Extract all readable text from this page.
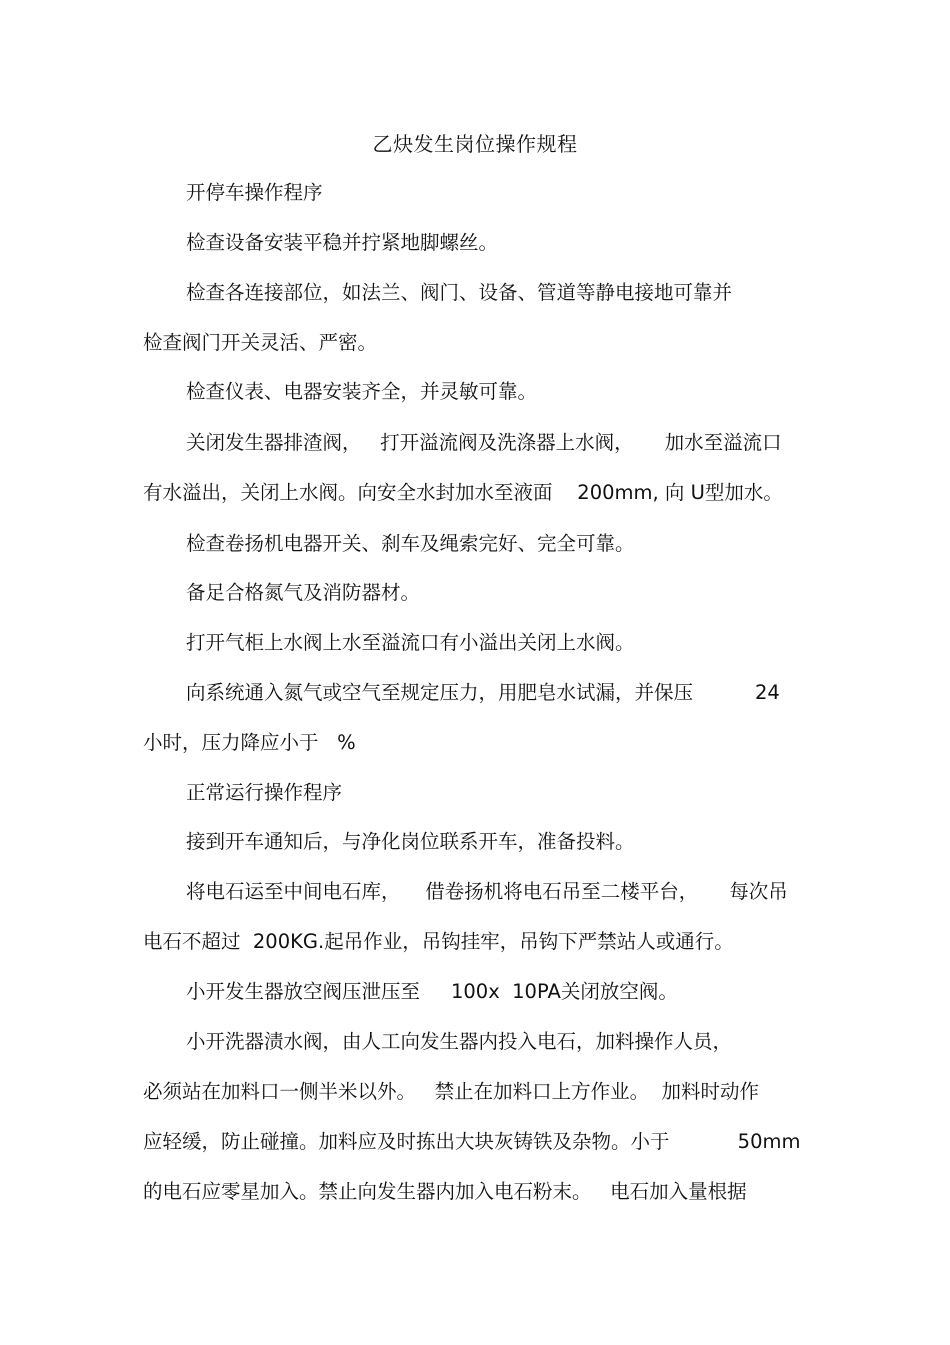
乙炔发生岗位操作规程
开停车操作程序
检查设备安装平稳并拧紧地脚螺丝。
检查各连接部位，如法兰、阀门、设备、管道等静电接地可靠并
检查阀门开关灵活、严密。
检查仪表、电器安装齐全，并灵敏可靠。
关闭发生器排渣阀，   打开溢流阀及洗涤器上水阀，     加水至溢流口
有水溢出，关闭上水阀。向安全水封加水至液面    200mm, 向 U型加水。
检查卷扬机电器开关、刹车及绳索完好、完全可靠。
备足合格氮气及消防器材。
打开气柜上水阀上水至溢流口有小溢出关闭上水阀。
向系统通入氮气或空气至规定压力，用肥皂水试漏，并保压          24
小时，压力降应小于   %
正常运行操作程序
接到开车通知后，与净化岗位联系开车，准备投料。
将电石运至中间电石库，    借卷扬机将电石吊至二楼平台，     每次吊
电石不超过  200KG.起吊作业，吊钩挂牢，吊钩下严禁站人或通行。
小开发生器放空阀压泄压至     100x  10PA关闭放空阀。
小开洗器渍水阀，由人工向发生器内投入电石，加料操作人员，
必须站在加料口一侧半米以外。   禁止在加料口上方作业。  加料时动作
应轻缓，防止碰撞。加料应及时拣出大块灰铸铁及杂物。小于           50mm
的电石应零星加入。禁止向发生器内加入电石粉末。   电石加入量根据
